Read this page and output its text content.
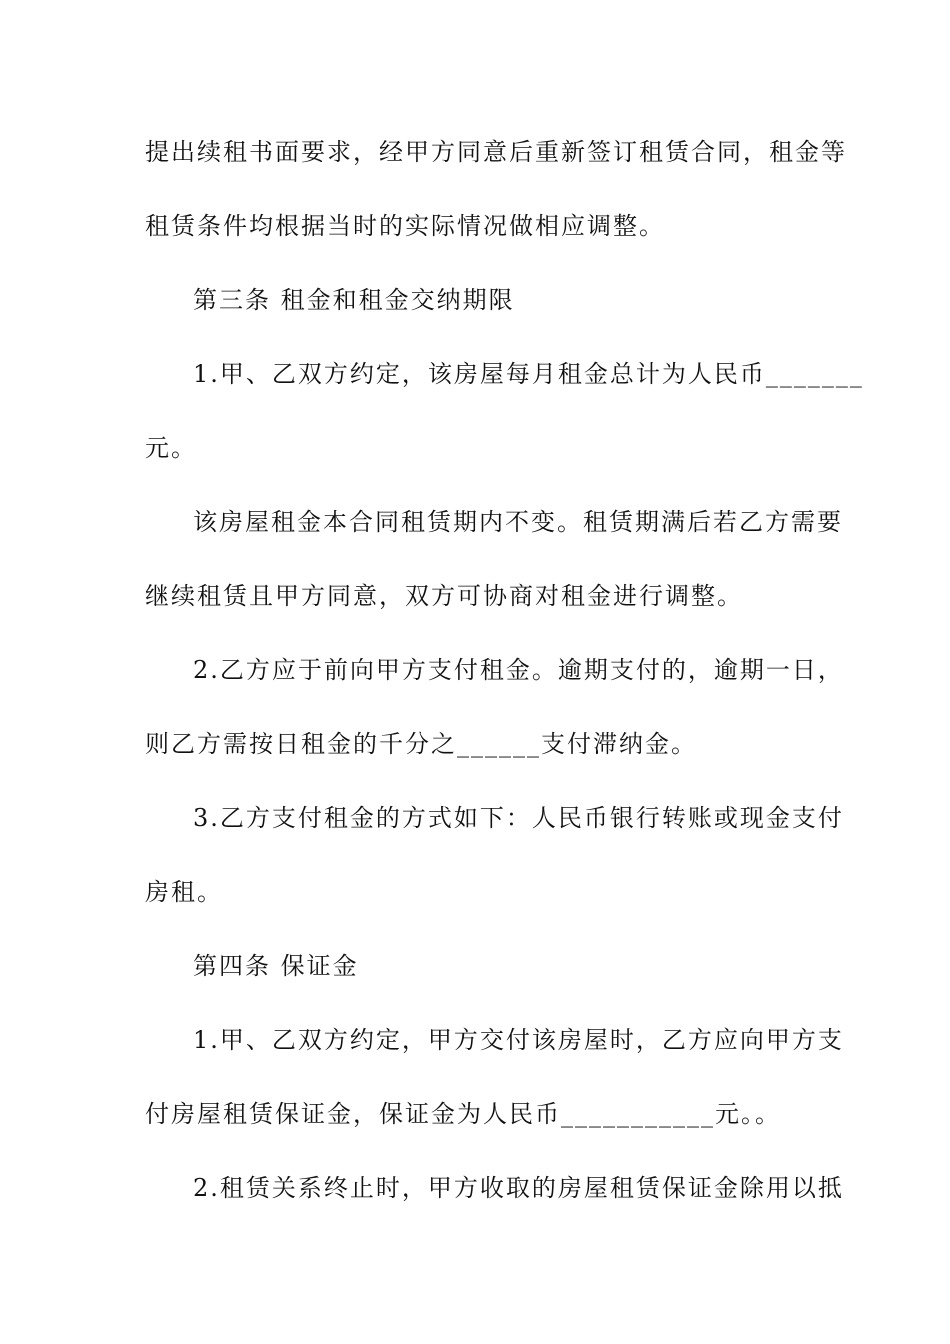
提出续租书面要求，经甲方同意后重新签订租赁合同，租金等
租赁条件均根据当时的实际情况做相应调整。
第三条 租金和租金交纳期限
1.甲、乙双方约定，该房屋每月租金总计为人民币_______
元。
该房屋租金本合同租赁期内不变。租赁期满后若乙方需要
继续租赁且甲方同意，双方可协商对租金进行调整。
2.乙方应于前向甲方支付租金。逾期支付的，逾期一日，
则乙方需按日租金的千分之______支付滞纳金。
3.乙方支付租金的方式如下：人民币银行转账或现金支付
房租。
第四条 保证金
1.甲、乙双方约定，甲方交付该房屋时，乙方应向甲方支
付房屋租赁保证金，保证金为人民币___________元。。
2.租赁关系终止时，甲方收取的房屋租赁保证金除用以抵
